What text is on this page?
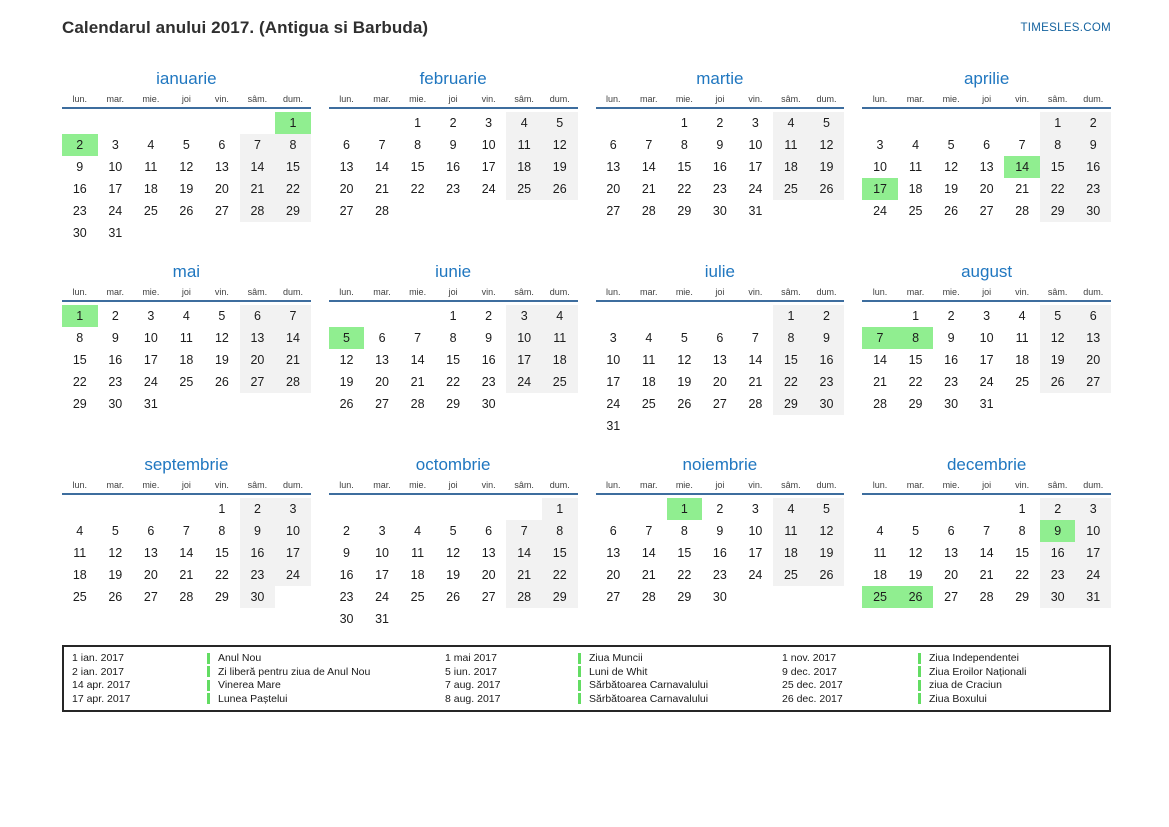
Calendarul anului 2017. (Antigua si Barbuda)	TIMESLES.COM
ianuarie
lun.	mar.	mie.	joi	vin.	sâm.	dum.
						1
2	3	4	5	6	7	8
9	10	11	12	13	14	15
16	17	18	19	20	21	22
23	24	25	26	27	28	29
30	31					
februarie
lun.	mar.	mie.	joi	vin.	sâm.	dum.
		1	2	3	4	5
6	7	8	9	10	11	12
13	14	15	16	17	18	19
20	21	22	23	24	25	26
27	28					
martie
lun.	mar.	mie.	joi	vin.	sâm.	dum.
		1	2	3	4	5
6	7	8	9	10	11	12
13	14	15	16	17	18	19
20	21	22	23	24	25	26
27	28	29	30	31		
aprilie
lun.	mar.	mie.	joi	vin.	sâm.	dum.
					1	2
3	4	5	6	7	8	9
10	11	12	13	14	15	16
17	18	19	20	21	22	23
24	25	26	27	28	29	30
mai
lun.	mar.	mie.	joi	vin.	sâm.	dum.
1	2	3	4	5	6	7
8	9	10	11	12	13	14
15	16	17	18	19	20	21
22	23	24	25	26	27	28
29	30	31				
iunie
lun.	mar.	mie.	joi	vin.	sâm.	dum.
			1	2	3	4
5	6	7	8	9	10	11
12	13	14	15	16	17	18
19	20	21	22	23	24	25
26	27	28	29	30		
iulie
lun.	mar.	mie.	joi	vin.	sâm.	dum.
					1	2
3	4	5	6	7	8	9
10	11	12	13	14	15	16
17	18	19	20	21	22	23
24	25	26	27	28	29	30
31						
august
lun.	mar.	mie.	joi	vin.	sâm.	dum.
	1	2	3	4	5	6
7	8	9	10	11	12	13
14	15	16	17	18	19	20
21	22	23	24	25	26	27
28	29	30	31			
septembrie
lun.	mar.	mie.	joi	vin.	sâm.	dum.
				1	2	3
4	5	6	7	8	9	10
11	12	13	14	15	16	17
18	19	20	21	22	23	24
25	26	27	28	29	30	
octombrie
lun.	mar.	mie.	joi	vin.	sâm.	dum.
						1
2	3	4	5	6	7	8
9	10	11	12	13	14	15
16	17	18	19	20	21	22
23	24	25	26	27	28	29
30	31					
noiembrie
lun.	mar.	mie.	joi	vin.	sâm.	dum.
		1	2	3	4	5
6	7	8	9	10	11	12
13	14	15	16	17	18	19
20	21	22	23	24	25	26
27	28	29	30			
decembrie
lun.	mar.	mie.	joi	vin.	sâm.	dum.
				1	2	3
4	5	6	7	8	9	10
11	12	13	14	15	16	17
18	19	20	21	22	23	24
25	26	27	28	29	30	31
1 ian. 2017	Anul Nou
2 ian. 2017	Zi liberă pentru ziua de Anul Nou
14 apr. 2017	Vinerea Mare
17 apr. 2017	Lunea Paștelui
1 mai 2017	Ziua Muncii
5 iun. 2017	Luni de Whit
7 aug. 2017	Sărbătoarea Carnavalului
8 aug. 2017	Sărbătoarea Carnavalului
1 nov. 2017	Ziua Independentei
9 dec. 2017	Ziua Eroilor Naționali
25 dec. 2017	ziua de Craciun
26 dec. 2017	Ziua Boxului
